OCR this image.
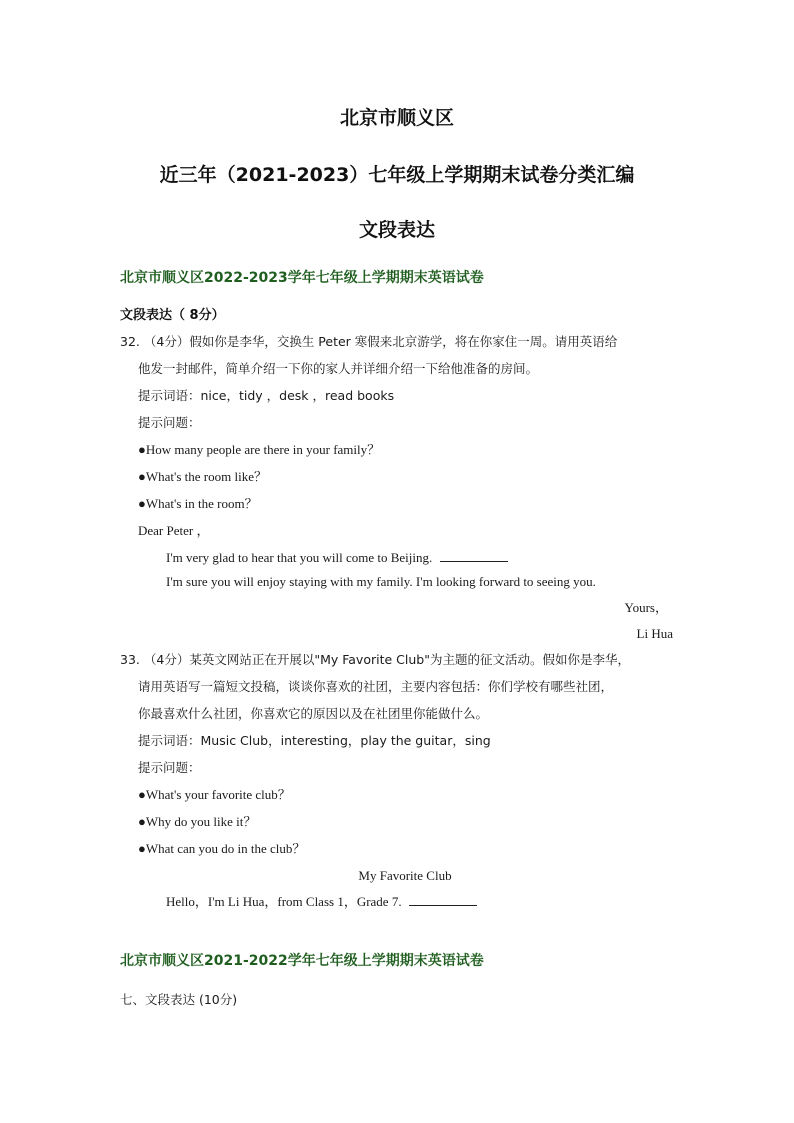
北京市顺义区
近三年（2021-2023）七年级上学期期末试卷分类汇编
文段表达
北京市顺义区2022-2023学年七年级上学期期末英语试卷
文段表达（ 8分）
32. （4分）假如你是李华，交换生 Peter 寒假来北京游学，将在你家住一周。请用英语给
他发一封邮件，简单介绍一下你的家人并详细介绍一下给他准备的房间。
提示词语：nice，tidy ，desk ，read books
提示问题：
●How many people are there in your family？
●What's the room like？
●What's in the room？
Dear Peter ，
I'm very glad to hear that you will come to Beijing.
I'm sure you will enjoy staying with my family. I'm looking forward to seeing you.
Yours，
Li Hua
33. （4分）某英文网站正在开展以"My Favorite Club"为主题的征文活动。假如你是李华，
请用英语写一篇短文投稿，谈谈你喜欢的社团，主要内容包括：你们学校有哪些社团，
你最喜欢什么社团，你喜欢它的原因以及在社团里你能做什么。
提示词语：Music Club，interesting，play the guitar，sing
提示问题：
●What's your favorite club？
●Why do you like it？
●What can you do in the club？
My Favorite Club
Hello，I'm Li Hua，from Class 1，Grade 7.
北京市顺义区2021-2022学年七年级上学期期末英语试卷
七、文段表达 (10分)
